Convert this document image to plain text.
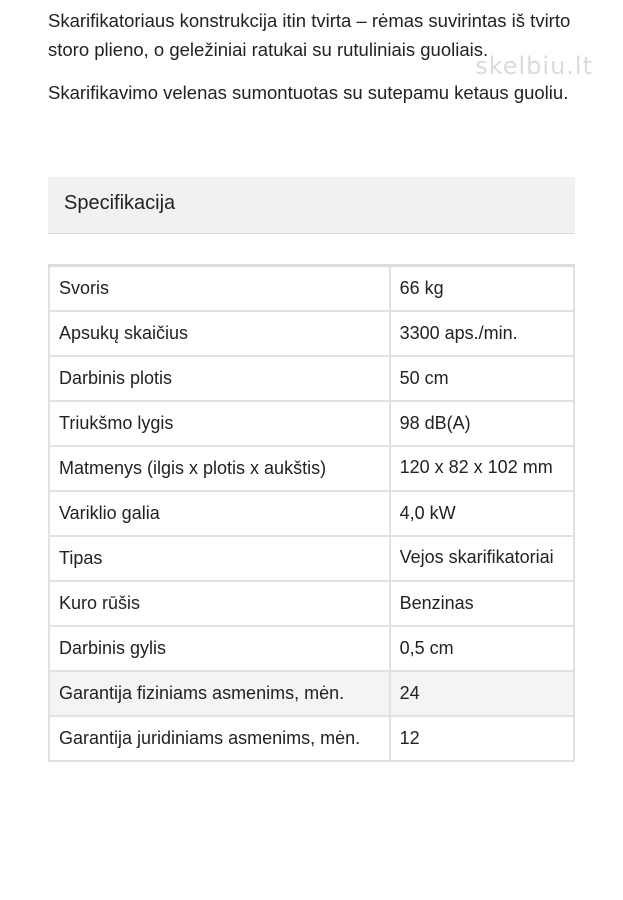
Skarifikatoriaus konstrukcija itin tvirta – rėmas suvirintas iš tvirto storo plieno, o geležiniai ratukai su rutuliniais guoliais.

Skarifikavimo velenas sumontuotas su sutepamu ketaus guoliu.

skelbiu.lt
Specifikacija
Svoris	66 kg
Apsukų skaičius	3300 aps./min.
Darbinis plotis	50 cm
Triukšmo lygis	98 dB(A)
Matmenys (ilgis x plotis x aukštis)	120 x 82 x 102 mm
Variklio galia	4,0 kW
Tipas	Vejos skarifikatoriai
Kuro rūšis	Benzinas
Darbinis gylis	0,5 cm
Garantija fiziniams asmenims, mėn.	24
Garantija juridiniams asmenims, mėn.	12
